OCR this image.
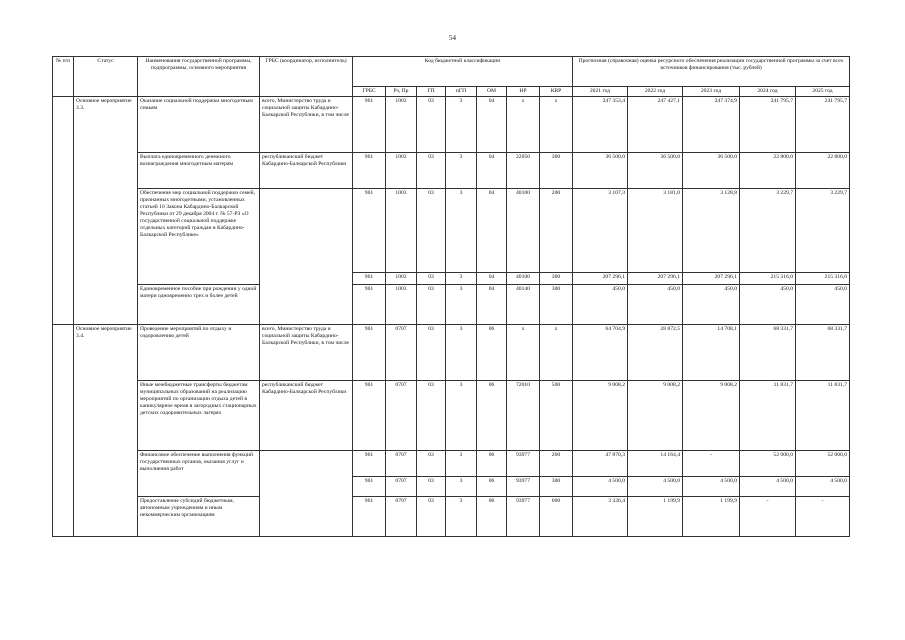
54
№ п/п	Статус	Наименования государственной программы, подпрограммы, основного мероприятия	ГРБС (координатор, исполнитель)	Код бюджетной классификации							Прогнозная (справочная) оценка ресурсного обеспечения реализации государственной программы за счет всех источников финансирования (тыс. рублей)				
				ГРБС	Рз, Пр	ГП	пГП	ОМ	НР	КВР	2021 год	2022 год	2023 год	2024 год	2025 год
	Основное мероприятие 3.3.	Оказание социальной поддержки многодетным семьям	всего, Министерство труда и социальной защиты Кабардино-Балкарской Республики, в том числе	961	1003	03	3	04	х	х	247 353,4	247 427,1	247 374,9	241 795,7	241 795,7
		Выплата единовременного денежного вознаграждения многодетным матерям	республиканский бюджет Кабардино-Балкарской Республики	961	1003	03	3	04	22050	300	36 500,0	36 500,0	36 500,0	22 800,0	22 800,0
		Обеспечение мер социальной поддержки семей, признанных многодетными, установленных статьей 10 Закона Кабардино-Балкарской Республики от 29 декабря 2004 г. № 57-РЗ «О государственной социальной поддержке отдельных категорий граждан в Кабардино-Балкарской Республике»		961	1003	03	3	04	40100	200	3 107,3	3 181,0	3 128,8	3 229,7	3 229,7
				961	1003	03	3	04	40100	300	207 296,1	207 296,1	207 296,1	215 316,0	215 316,0
		Единовременное пособие при рождении у одной матери одновременно трех и более детей		961	1003	03	3	04	40140	300	450,0	450,0	450,0	450,0	450,0
	Основное мероприятие 3.4.	Проведение мероприятий по отдыху и оздоровлению детей	всего, Министерство труда и социальной защиты Кабардино-Балкарской Республики, в том числе	961	0707	03	3	06	х	х	64 704,9	28 872,5	14 708,1	68 331,7	68 331,7
		Иные межбюджетные трансферты бюджетам муниципальных образований на реализацию мероприятий по организации отдыха детей в каникулярное время в загородных стационарных детских оздоровительных лагерях	республиканский бюджет Кабардино-Балкарской Республики	961	0707	03	3	06	72010	500	9 008,2	9 008,2	9 008,2	11 831,7	11 831,7
		Финансовое обеспечение выполнения функций государственных органов, оказания услуг и выполнения работ		961	0707	03	3	06	93977	200	47 870,3	14 164,4	-	52 000,0	52 000,0
				961	0707	03	3	06	93977	300	4 500,0	4 500,0	4 500,0	4 500,0	4 500,0
		Предоставление субсидий бюджетным, автономным учреждениям и иным некоммерческим организациям		961	0707	03	3	06	93977	600	3 326,4	1 199,9	1 199,9	-	-
